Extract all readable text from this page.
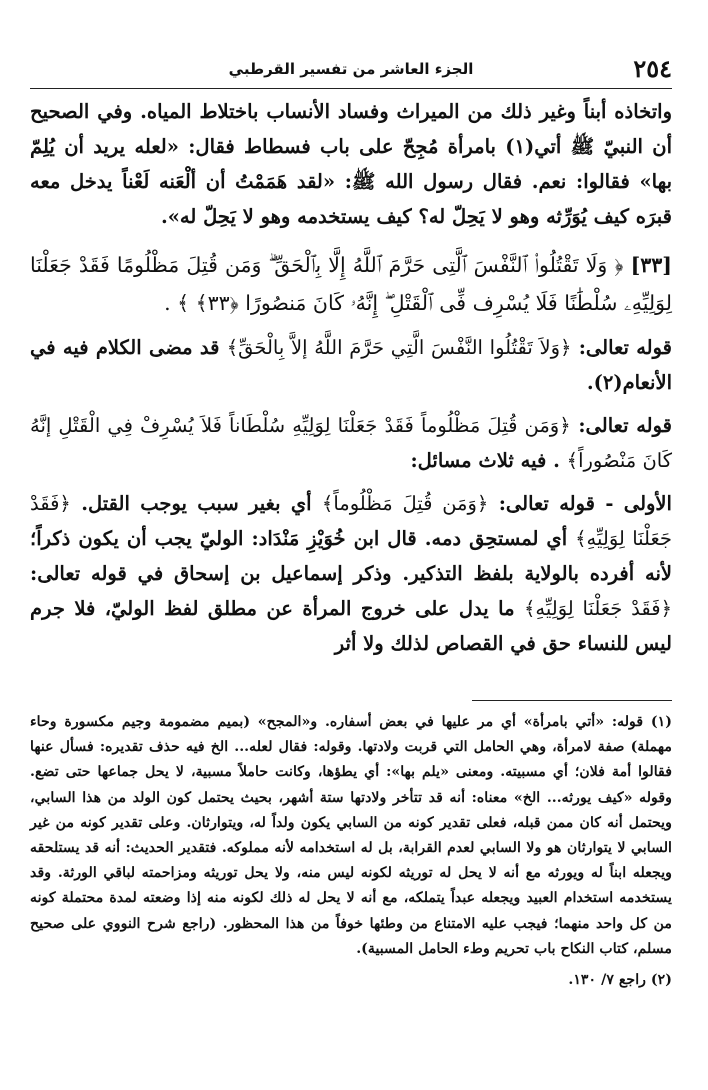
٢٥٤
الجزء العاشر من تفسير القرطبي

واتخاذه أبناً وغير ذلك من الميراث وفساد الأنساب باختلاط المياه. وفي الصحيح أن النبيّ ﷺ أتي(١) بامرأة مُجِحّ على باب فسطاط فقال: «لعله يريد أن يُلِمّ بها» فقالوا: نعم. فقال رسول الله ﷺ: «لقد هَمَمْتُ أن ألْعَنه لَعْناً يدخل معه قبرَه كيف يُوَرِّثه وهو لا يَحِلّ له؟ كيف يستخدمه وهو لا يَحِلّ له».

[٣٣] ﴿ وَلَا تَقْتُلُوا۟ ٱلنَّفْسَ ٱلَّتِى حَرَّمَ ٱللَّهُ إِلَّا بِٱلْحَقِّ ۗ وَمَن قُتِلَ مَظْلُومًا فَقَدْ جَعَلْنَا لِوَلِيِّهِۦ سُلْطَٰنًا فَلَا يُسْرِف فِّى ٱلْقَتْلِ ۖ إِنَّهُۥ كَانَ مَنصُورًا ﴿٣٣﴾ ﴾ .

قوله تعالى: ﴿وَلاَ تَقْتُلُوا النَّفْسَ الَّتِي حَرَّمَ اللَّهُ إلاَّ بِالْحَقِّ﴾ قد مضى الكلام فيه في الأنعام(٢).

قوله تعالى: ﴿وَمَن قُتِلَ مَظْلُوماً فَقَدْ جَعَلْنَا لِوَلِيِّهِ سُلْطَاناً فَلاَ يُسْرِفْ فِي الْقَتْلِ إنَّهُ كَانَ مَنْصُوراً﴾ . فيه ثلاث مسائل:

الأولى - قوله تعالى: ﴿وَمَن قُتِلَ مَظْلُوماً﴾ أي بغير سبب يوجب القتل. ﴿فَقَدْ جَعَلْنَا لِوَلِيِّهِ﴾ أي لمستحِق دمه. قال ابن خُوَيْزِ مَنْدَاد: الوليّ يجب أن يكون ذكراً؛ لأنه أفرده بالولاية بلفظ التذكير. وذكر إسماعيل بن إسحاق في قوله تعالى: ﴿فَقَدْ جَعَلْنَا لِوَلِيِّهِ﴾ ما يدل على خروج المرأة عن مطلق لفظ الوليّ، فلا جرم ليس للنساء حق في القصاص لذلك ولا أثر

(١) قوله: «أتي بامرأة» أي مر عليها في بعض أسفاره. و«المجح» (بميم مضمومة وجيم مكسورة وحاء مهملة) صفة لامرأة، وهي الحامل التي قربت ولادتها. وقوله: فقال لعله... الخ فيه حذف تقديره: فسأل عنها فقالوا أمة فلان؛ أي مسبيته. ومعنى «يلم بها»: أي يطؤها، وكانت حاملاً مسبية، لا يحل جماعها حتى تضع. وقوله «كيف يورثه... الخ» معناه: أنه قد تتأخر ولادتها ستة أشهر، بحيث يحتمل كون الولد من هذا السابي، ويحتمل أنه كان ممن قبله، فعلى تقدير كونه من السابي يكون ولداً له، ويتوارثان. وعلى تقدير كونه من غير السابي لا يتوارثان هو ولا السابي لعدم القرابة، بل له استخدامه لأنه مملوكه. فتقدير الحديث: أنه قد يستلحقه ويجعله ابناً له ويورثه مع أنه لا يحل له توريثه لكونه ليس منه، ولا يحل توريثه ومزاحمته لباقي الورثة. وقد يستخدمه استخدام العبيد ويجعله عبداً يتملكه، مع أنه لا يحل له ذلك لكونه منه إذا وضعته لمدة محتملة كونه من كل واحد منهما؛ فيجب عليه الامتناع من وطئها خوفاً من هذا المحظور. (راجع شرح النووي على صحيح مسلم، كتاب النكاح باب تحريم وطء الحامل المسبية).

(٢) راجع ٧/ ١٣٠.
